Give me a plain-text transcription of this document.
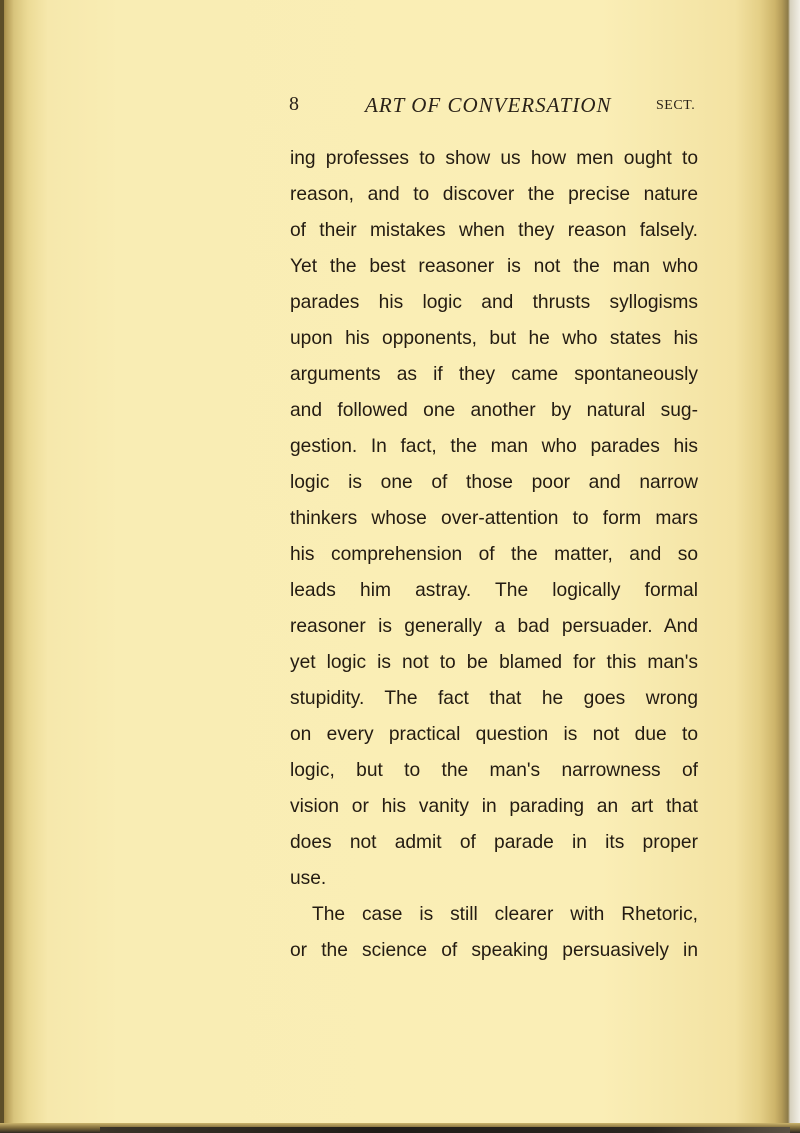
8	ART OF CONVERSATION	SECT.
ing professes to show us how men ought to
reason, and to discover the precise nature
of their mistakes when they reason falsely.
Yet the best reasoner is not the man who
parades his logic and thrusts syllogisms
upon his opponents, but he who states his
arguments as if they came spontaneously
and followed one another by natural sug-
gestion. In fact, the man who parades his
logic is one of those poor and narrow
thinkers whose over-attention to form mars
his comprehension of the matter, and so
leads him astray. The logically formal
reasoner is generally a bad persuader. And
yet logic is not to be blamed for this man's
stupidity. The fact that he goes wrong
on every practical question is not due to
logic, but to the man's narrowness of
vision or his vanity in parading an art that
does not admit of parade in its proper
use.
The case is still clearer with Rhetoric,
or the science of speaking persuasively in
